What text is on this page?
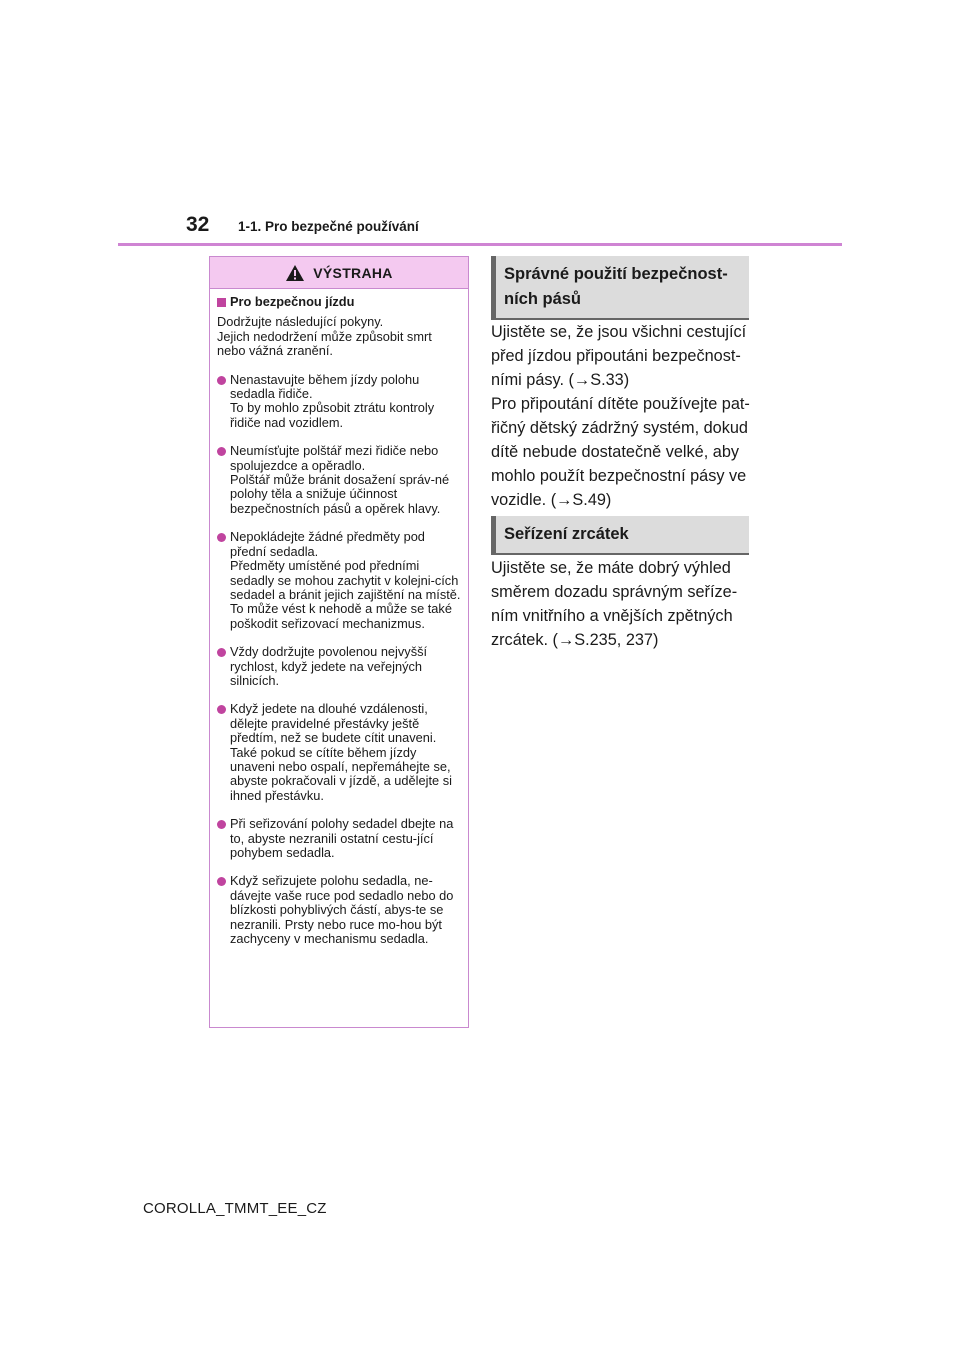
32 1-1. Pro bezpečné používání
VÝSTRAHA
Pro bezpečnou jízdu
Dodržujte následující pokyny.
Jejich nedodržení může způsobit smrt nebo vážná zranění.
Nenastavujte během jízdy polohu sedadla řidiče.
To by mohlo způsobit ztrátu kontroly řidiče nad vozidlem.
Neumísťujte polštář mezi řidiče nebo spolujezdce a opěradlo.
Polštář může bránit dosažení správ-né polohy těla a snižuje účinnost bezpečnostních pásů a opěrek hlavy.
Nepokládejte žádné předměty pod přední sedadla.
Předměty umístěné pod předními sedadly se mohou zachytit v kolejni-cích sedadel a bránit jejich zajištění na místě. To může vést k nehodě a může se také poškodit seřizovací mechanizmus.
Vždy dodržujte povolenou nejvyšší rychlost, když jedete na veřejných silnicích.
Když jedete na dlouhé vzdálenosti, dělejte pravidelné přestávky ještě předtím, než se budete cítit unaveni. Také pokud se cítíte během jízdy unaveni nebo ospalí, nepřemáhejte se, abyste pokračovali v jízdě, a udělejte si ihned přestávku.
Při seřizování polohy sedadel dbejte na to, abyste nezranili ostatní cestu-jící pohybem sedadla.
Když seřizujete polohu sedadla, ne-dávejte vaše ruce pod sedadlo nebo do blízkosti pohyblivých částí, abys-te se nezranili. Prsty nebo ruce mo-hou být zachyceny v mechanismu sedadla.
Správné použití bezpečnost-
ních pásů
Ujistěte se, že jsou všichni cestující před jízdou připoutáni bezpečnost-ními pásy. (→S.33)
Pro připoutání dítěte používejte pat-řičný dětský zádržný systém, dokud dítě nebude dostatečně velké, aby mohlo použít bezpečnostní pásy ve vozidle. (→S.49)
Seřízení zrcátek
Ujistěte se, že máte dobrý výhled směrem dozadu správným seříze-ním vnitřního a vnějších zpětných zrcátek. (→S.235, 237)
COROLLA_TMMT_EE_CZ
